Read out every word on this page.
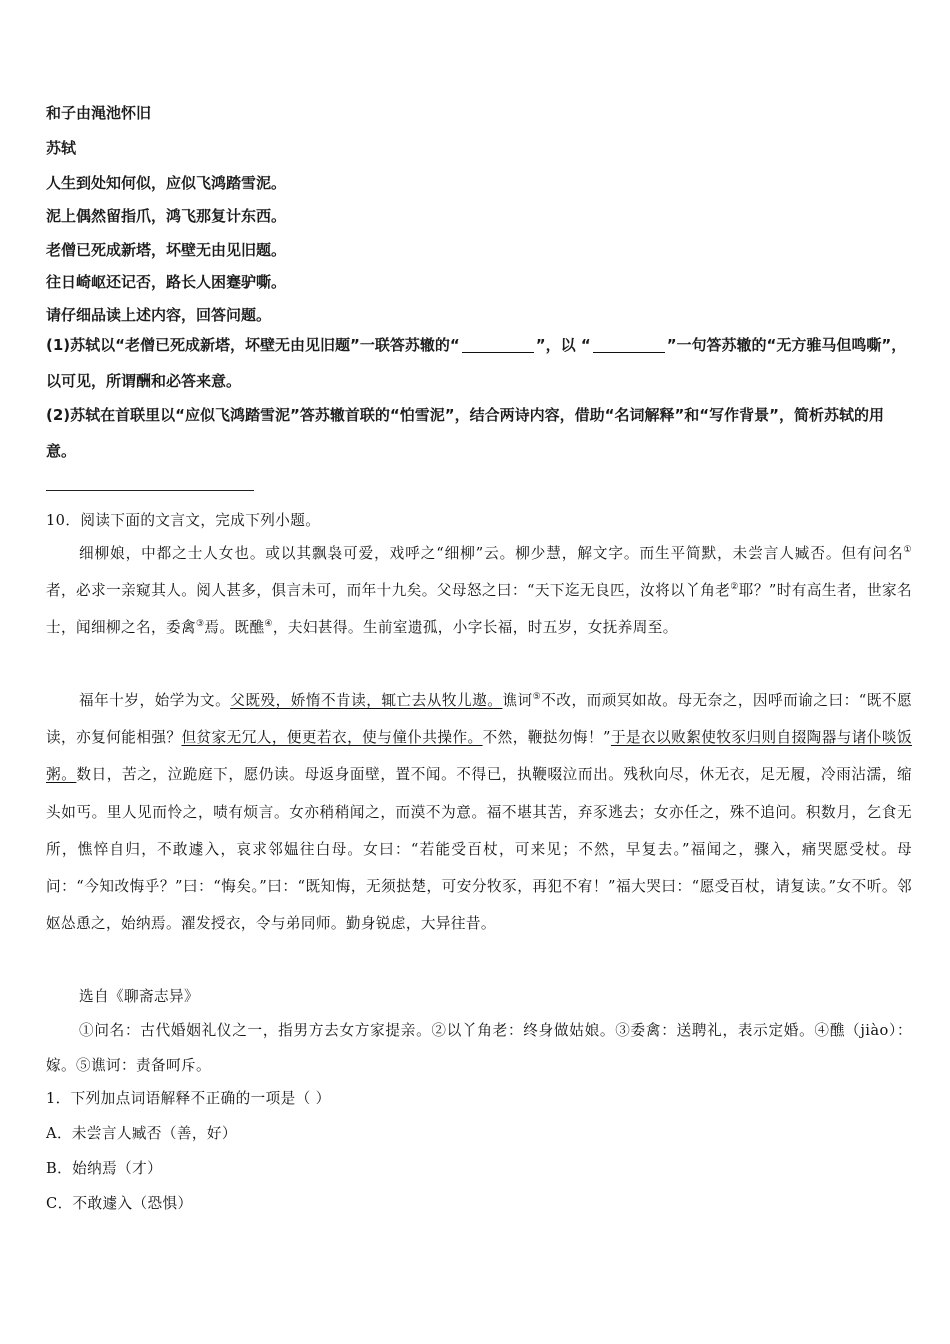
和子由渑池怀旧
苏轼
人生到处知何似，应似飞鸿踏雪泥。
泥上偶然留指爪，鸿飞那复计东西。
老僧已死成新塔，坏壁无由见旧题。
往日崎岖还记否，路长人困蹇驴嘶。
请仔细品读上述内容，回答问题。
(1)苏轼以“老僧已死成新塔，坏壁无由见旧题”一联答苏辙的“	”，以 “	”一句答苏辙的“无方骓马但鸣嘶”，以可见，所谓酬和必答来意。
(2)苏轼在首联里以“应似飞鸿踏雪泥”答苏辙首联的“怕雪泥”，结合两诗内容，借助“名词解释”和“写作背景”，简析苏轼的用意。
10．阅读下面的文言文，完成下列小题。
细柳娘，中都之士人女也。或以其飘袅可爱，戏呼之“细柳”云。柳少慧，解文字。而生平简默，未尝言人臧否。但有问名①者，必求一亲窥其人。阅人甚多，俱言未可，而年十九矣。父母怒之曰：“天下迄无良匹，汝将以丫角老②耶？”时有高生者，世家名士，闻细柳之名，委禽③焉。既醮④，夫妇甚得。生前室遗孤，小字长福，时五岁，女抚养周至。
福年十岁，始学为文。父既殁，娇惰不肯读，辄亡去从牧儿遨。谯诃⑤不改，而顽冥如故。母无奈之，因呼而谕之曰：“既不愿读，亦复何能相强？但贫家无冗人，便更若衣，使与僮仆共操作。不然，鞭挞勿悔！”于是衣以败絮使牧豕归则自掇陶器与诸仆啖饭粥。数日，苦之，泣跪庭下，愿仍读。母返身面壁，置不闻。不得已，执鞭啜泣而出。残秋向尽，休无衣，足无履，冷雨沾濡，缩头如丐。里人见而怜之，啧有烦言。女亦稍稍闻之，而漠不为意。福不堪其苦，弃豕逃去；女亦任之，殊不追问。积数月，乞食无所，憔悴自归，不敢遽入，哀求邻媪往白母。女曰：“若能受百杖，可来见；不然，早复去。”福闻之，骤入，痛哭愿受杖。母问：“今知改悔乎？”曰：“悔矣。”曰：“既知悔，无须挞楚，可安分牧豕，再犯不宥！”福大哭曰：“愿受百杖，请复读。”女不听。邻妪怂恿之，始纳焉。濯发授衣，令与弟同师。勤身锐虑，大异往昔。
选自《聊斋志异》
①问名：古代婚姻礼仪之一，指男方去女方家提亲。②以丫角老：终身做姑娘。③委禽：送聘礼，表示定婚。④醮（jiào）：嫁。⑤谯诃：责备呵斥。
1．下列加点词语解释不正确的一项是（ ）
A．未尝言人臧否（善，好）
B．始纳焉（才）
C．不敢遽入（恐惧）
